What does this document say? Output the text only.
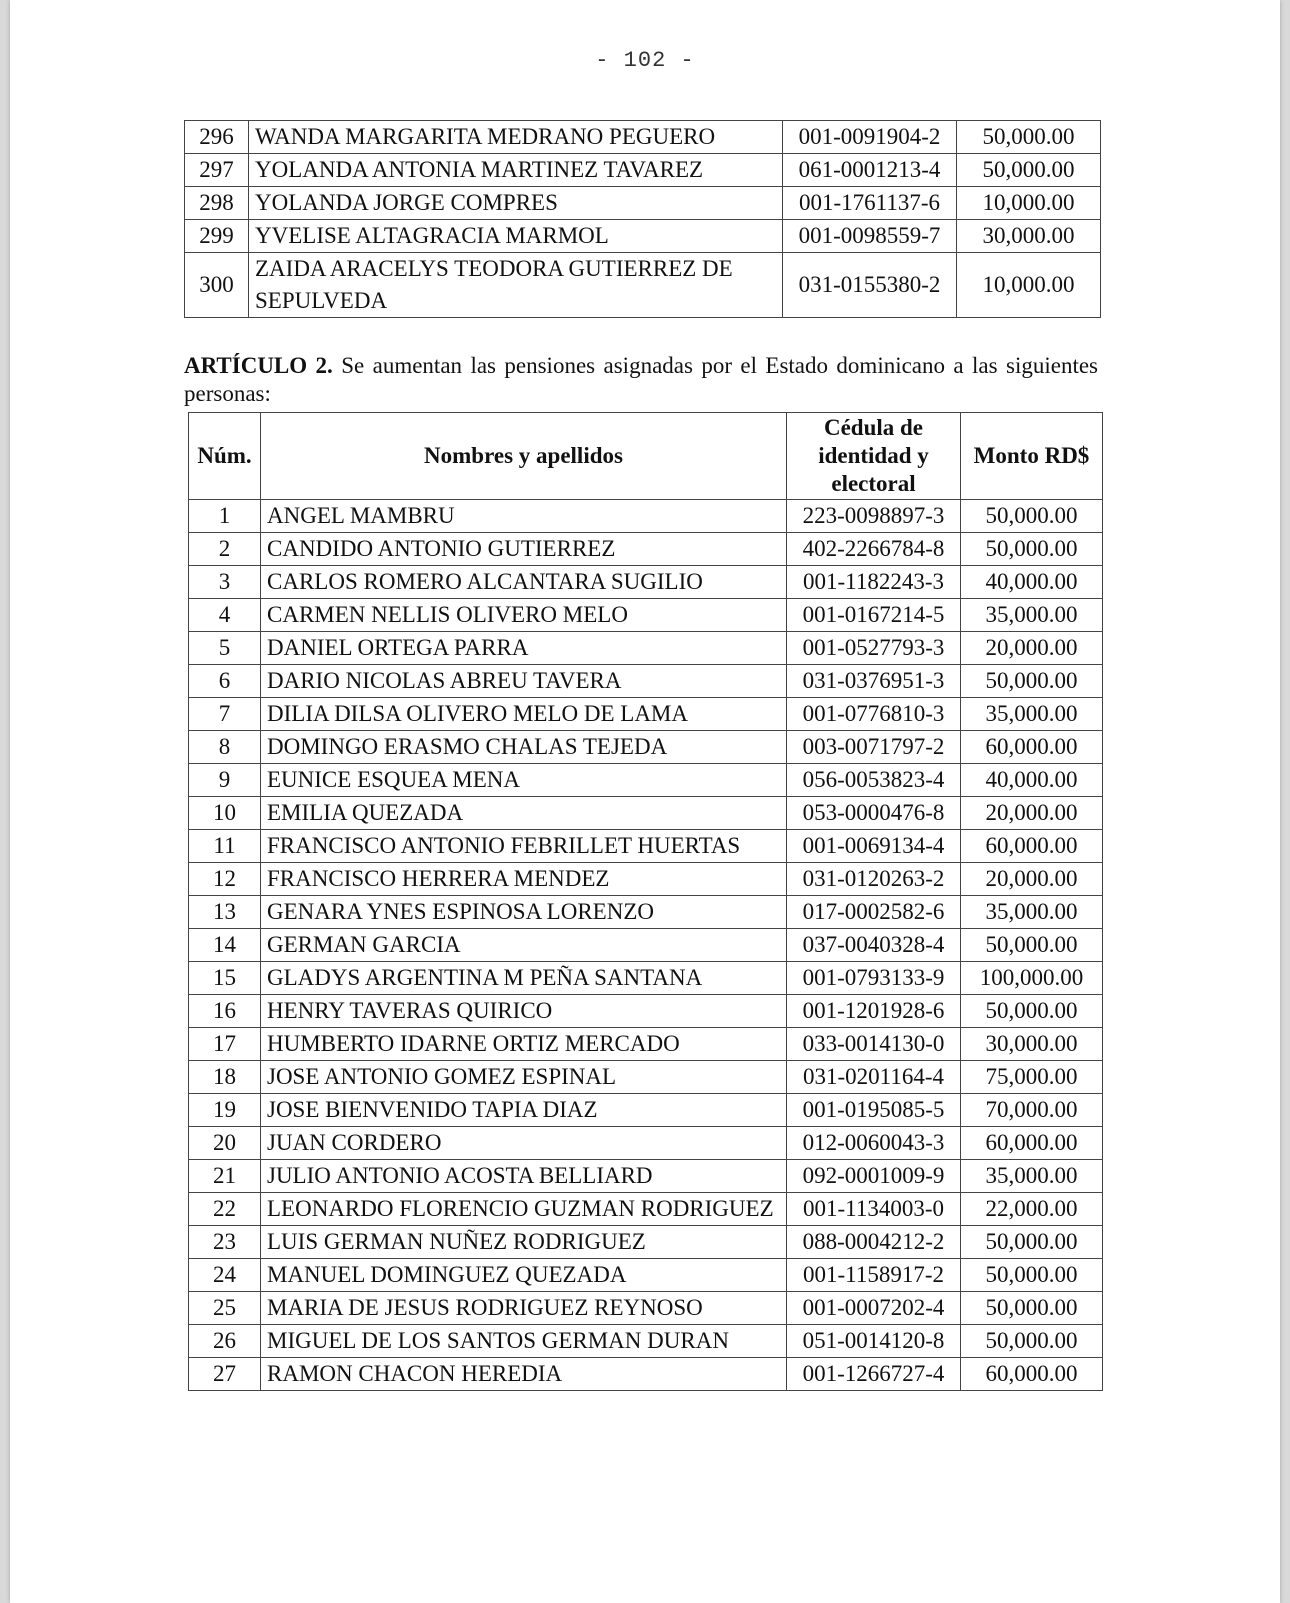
- 102 -
296	WANDA MARGARITA MEDRANO PEGUERO	001-0091904-2	50,000.00
297	YOLANDA ANTONIA MARTINEZ TAVAREZ	061-0001213-4	50,000.00
298	YOLANDA JORGE COMPRES	001-1761137-6	10,000.00
299	YVELISE ALTAGRACIA MARMOL	001-0098559-7	30,000.00
300	ZAIDA ARACELYS TEODORA GUTIERREZ DE SEPULVEDA	031-0155380-2	10,000.00

ARTÍCULO 2. Se aumentan las pensiones asignadas por el Estado dominicano a las siguientes personas:

Núm.	Nombres y apellidos	Cédula de identidad y electoral	Monto RD$
1	ANGEL MAMBRU	223-0098897-3	50,000.00
2	CANDIDO ANTONIO GUTIERREZ	402-2266784-8	50,000.00
3	CARLOS ROMERO ALCANTARA SUGILIO	001-1182243-3	40,000.00
4	CARMEN NELLIS OLIVERO MELO	001-0167214-5	35,000.00
5	DANIEL ORTEGA PARRA	001-0527793-3	20,000.00
6	DARIO NICOLAS ABREU TAVERA	031-0376951-3	50,000.00
7	DILIA DILSA OLIVERO MELO DE LAMA	001-0776810-3	35,000.00
8	DOMINGO ERASMO CHALAS TEJEDA	003-0071797-2	60,000.00
9	EUNICE ESQUEA MENA	056-0053823-4	40,000.00
10	EMILIA QUEZADA	053-0000476-8	20,000.00
11	FRANCISCO ANTONIO FEBRILLET HUERTAS	001-0069134-4	60,000.00
12	FRANCISCO HERRERA MENDEZ	031-0120263-2	20,000.00
13	GENARA YNES ESPINOSA LORENZO	017-0002582-6	35,000.00
14	GERMAN GARCIA	037-0040328-4	50,000.00
15	GLADYS ARGENTINA M PEÑA SANTANA	001-0793133-9	100,000.00
16	HENRY TAVERAS QUIRICO	001-1201928-6	50,000.00
17	HUMBERTO IDARNE ORTIZ MERCADO	033-0014130-0	30,000.00
18	JOSE ANTONIO GOMEZ ESPINAL	031-0201164-4	75,000.00
19	JOSE BIENVENIDO TAPIA DIAZ	001-0195085-5	70,000.00
20	JUAN CORDERO	012-0060043-3	60,000.00
21	JULIO ANTONIO ACOSTA BELLIARD	092-0001009-9	35,000.00
22	LEONARDO FLORENCIO GUZMAN RODRIGUEZ	001-1134003-0	22,000.00
23	LUIS GERMAN NUÑEZ RODRIGUEZ	088-0004212-2	50,000.00
24	MANUEL DOMINGUEZ QUEZADA	001-1158917-2	50,000.00
25	MARIA DE JESUS RODRIGUEZ REYNOSO	001-0007202-4	50,000.00
26	MIGUEL DE LOS SANTOS GERMAN DURAN	051-0014120-8	50,000.00
27	RAMON CHACON HEREDIA	001-1266727-4	60,000.00
